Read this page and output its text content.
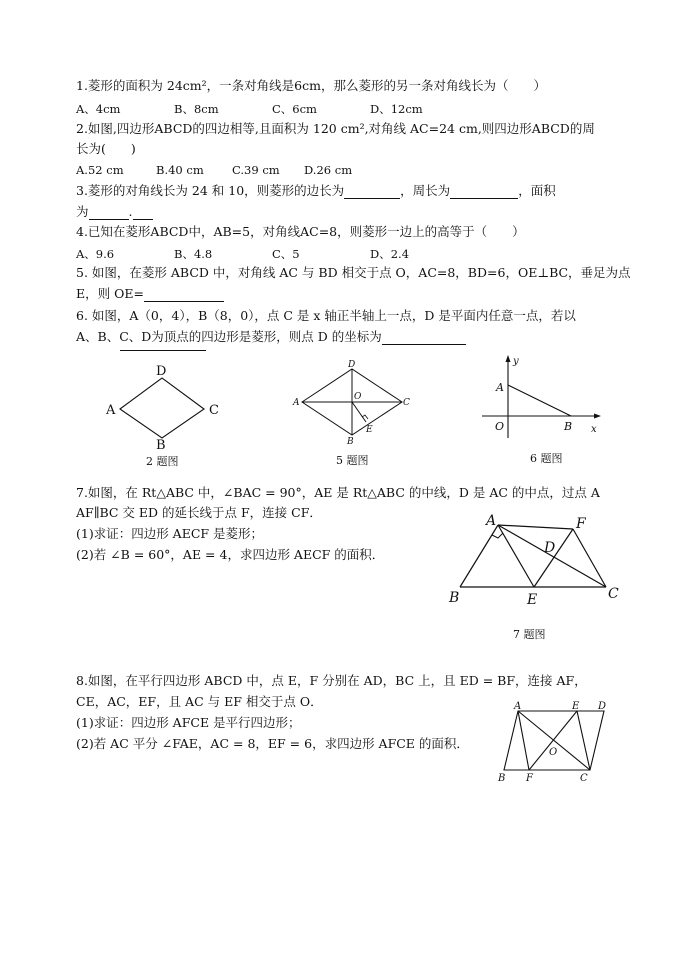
1.菱形的面积为 24cm²，一条对角线是6cm，那么菱形的另一条对角线长为（　　）
A、4cm	B、8cm	C、6cm	D、12cm
2.如图,四边形ABCD的四边相等,且面积为 120 cm²,对角线 AC=24 cm,则四边形ABCD的周
长为(　　)
A.52 cm	B.40 cm C.39 cm D.26 cm
3.菱形的对角线长为 24 和 10，则菱形的边长为	，周长为	，面积
为	.
4.已知在菱形ABCD中，AB=5，对角线AC=8，则菱形一边上的高等于（　　）
A、9.6	B、4.8	C、5	D、2.4
5. 如图，在菱形 ABCD 中，对角线 AC 与 BD 相交于点 O，AC=8，BD=6，OE⊥BC，垂足为点
E，则 OE=
6. 如图，A（0，4），B（8，0），点 C 是 x 轴正半轴上一点，D 是平面内任意一点，若以
A、B、C、D为顶点的四边形是菱形，则点 D 的坐标为
D
A	C
B
2 题图
D
A	C
O
E
B
5 题图
y
A
O	B x
6 题图
7.如图，在 Rt△ABC 中，∠BAC = 90°，AE 是 Rt△ABC 的中线，D 是 AC 的中点，过点 A
AF∥BC 交 ED 的延长线于点 F，连接 CF．
(1)求证：四边形 AECF 是菱形；
(2)若 ∠B = 60°，AE = 4，求四边形 AECF 的面积．
A	F
D
B	E	C
7 题图
8.如图，在平行四边形 ABCD 中，点 E，F 分别在 AD，BC 上，且 ED = BF，连接 AF，
CE，AC，EF，且 AC 与 EF 相交于点 O．
(1)求证：四边形 AFCE 是平行四边形；
(2)若 AC 平分 ∠FAE，AC = 8，EF = 6，求四边形 AFCE 的面积．
A	E D
O
B F	C
